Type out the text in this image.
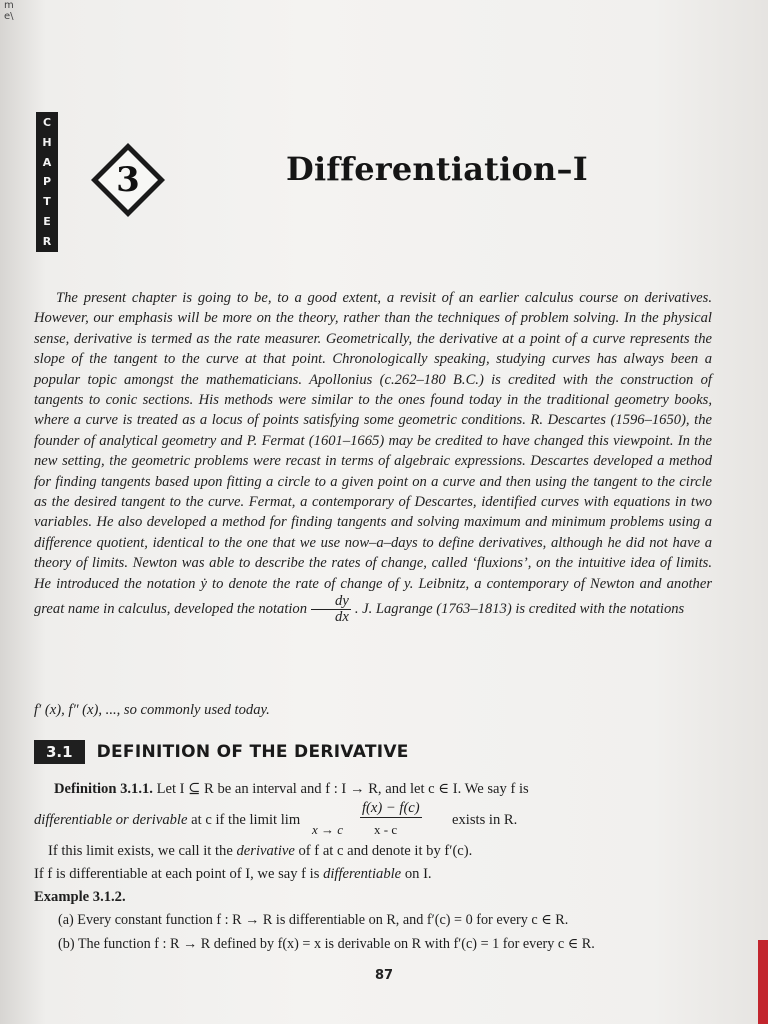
m
e\
C
H
A
P
T
E
R
3	Differentiation–I

The present chapter is going to be, to a good extent, a revisit of an earlier calculus course on derivatives. However, our emphasis will be more on the theory, rather than the techniques of problem solving. In the physical sense, derivative is termed as the rate measurer. Geometrically, the derivative at a point of a curve represents the slope of the tangent to the curve at that point. Chronologically speaking, studying curves has always been a popular topic amongst the mathematicians. Apollonius (c.262–180 B.C.) is credited with the construction of tangents to conic sections. His methods were similar to the ones found today in the traditional geometry books, where a curve is treated as a locus of points satisfying some geometric conditions. R. Descartes (1596–1650), the founder of analytical geometry and P. Fermat (1601–1665) may be credited to have changed this viewpoint. In the new setting, the geometric problems were recast in terms of algebraic expressions. Descartes developed a method for finding tangents based upon fitting a circle to a given point on a curve and then using the tangent to the circle as the desired tangent to the curve. Fermat, a contemporary of Descartes, identified curves with equations in two variables. He also developed a method for finding tangents and solving maximum and minimum problems using a difference quotient, identical to the one that we use now–a–days to define derivatives, although he did not have a theory of limits. Newton was able to describe the rates of change, called ‘fluxions’, on the intuitive idea of limits. He introduced the notation ẏ to denote the rate of change of y. Leibnitz, a contemporary of Newton and another great name in calculus, developed the notation $\frac{dy}{dx}$ . J. Lagrange (1763–1813) is credited with the notations

f′ (x), f″ (x), ..., so commonly used today.
3.1	DEFINITION OF THE DERIVATIVE
Definition 3.1.1. Let I ⊆ R be an interval and f : I → R, and let c ∈ I. We say f is
differentiable or derivable at c if the limit lim
f(x) − f(c)
x - c
x → c
exists in R.
If this limit exists, we call it the derivative of f at c and denote it by f′(c).
If f is differentiable at each point of I, we say f is differentiable on I.
Example 3.1.2.
(a) Every constant function f : R → R is differentiable on R, and f′(c) = 0 for every c ∈ R.
(b) The function f : R → R defined by f(x) = x is derivable on R with f′(c) = 1 for every c ∈ R.
87
